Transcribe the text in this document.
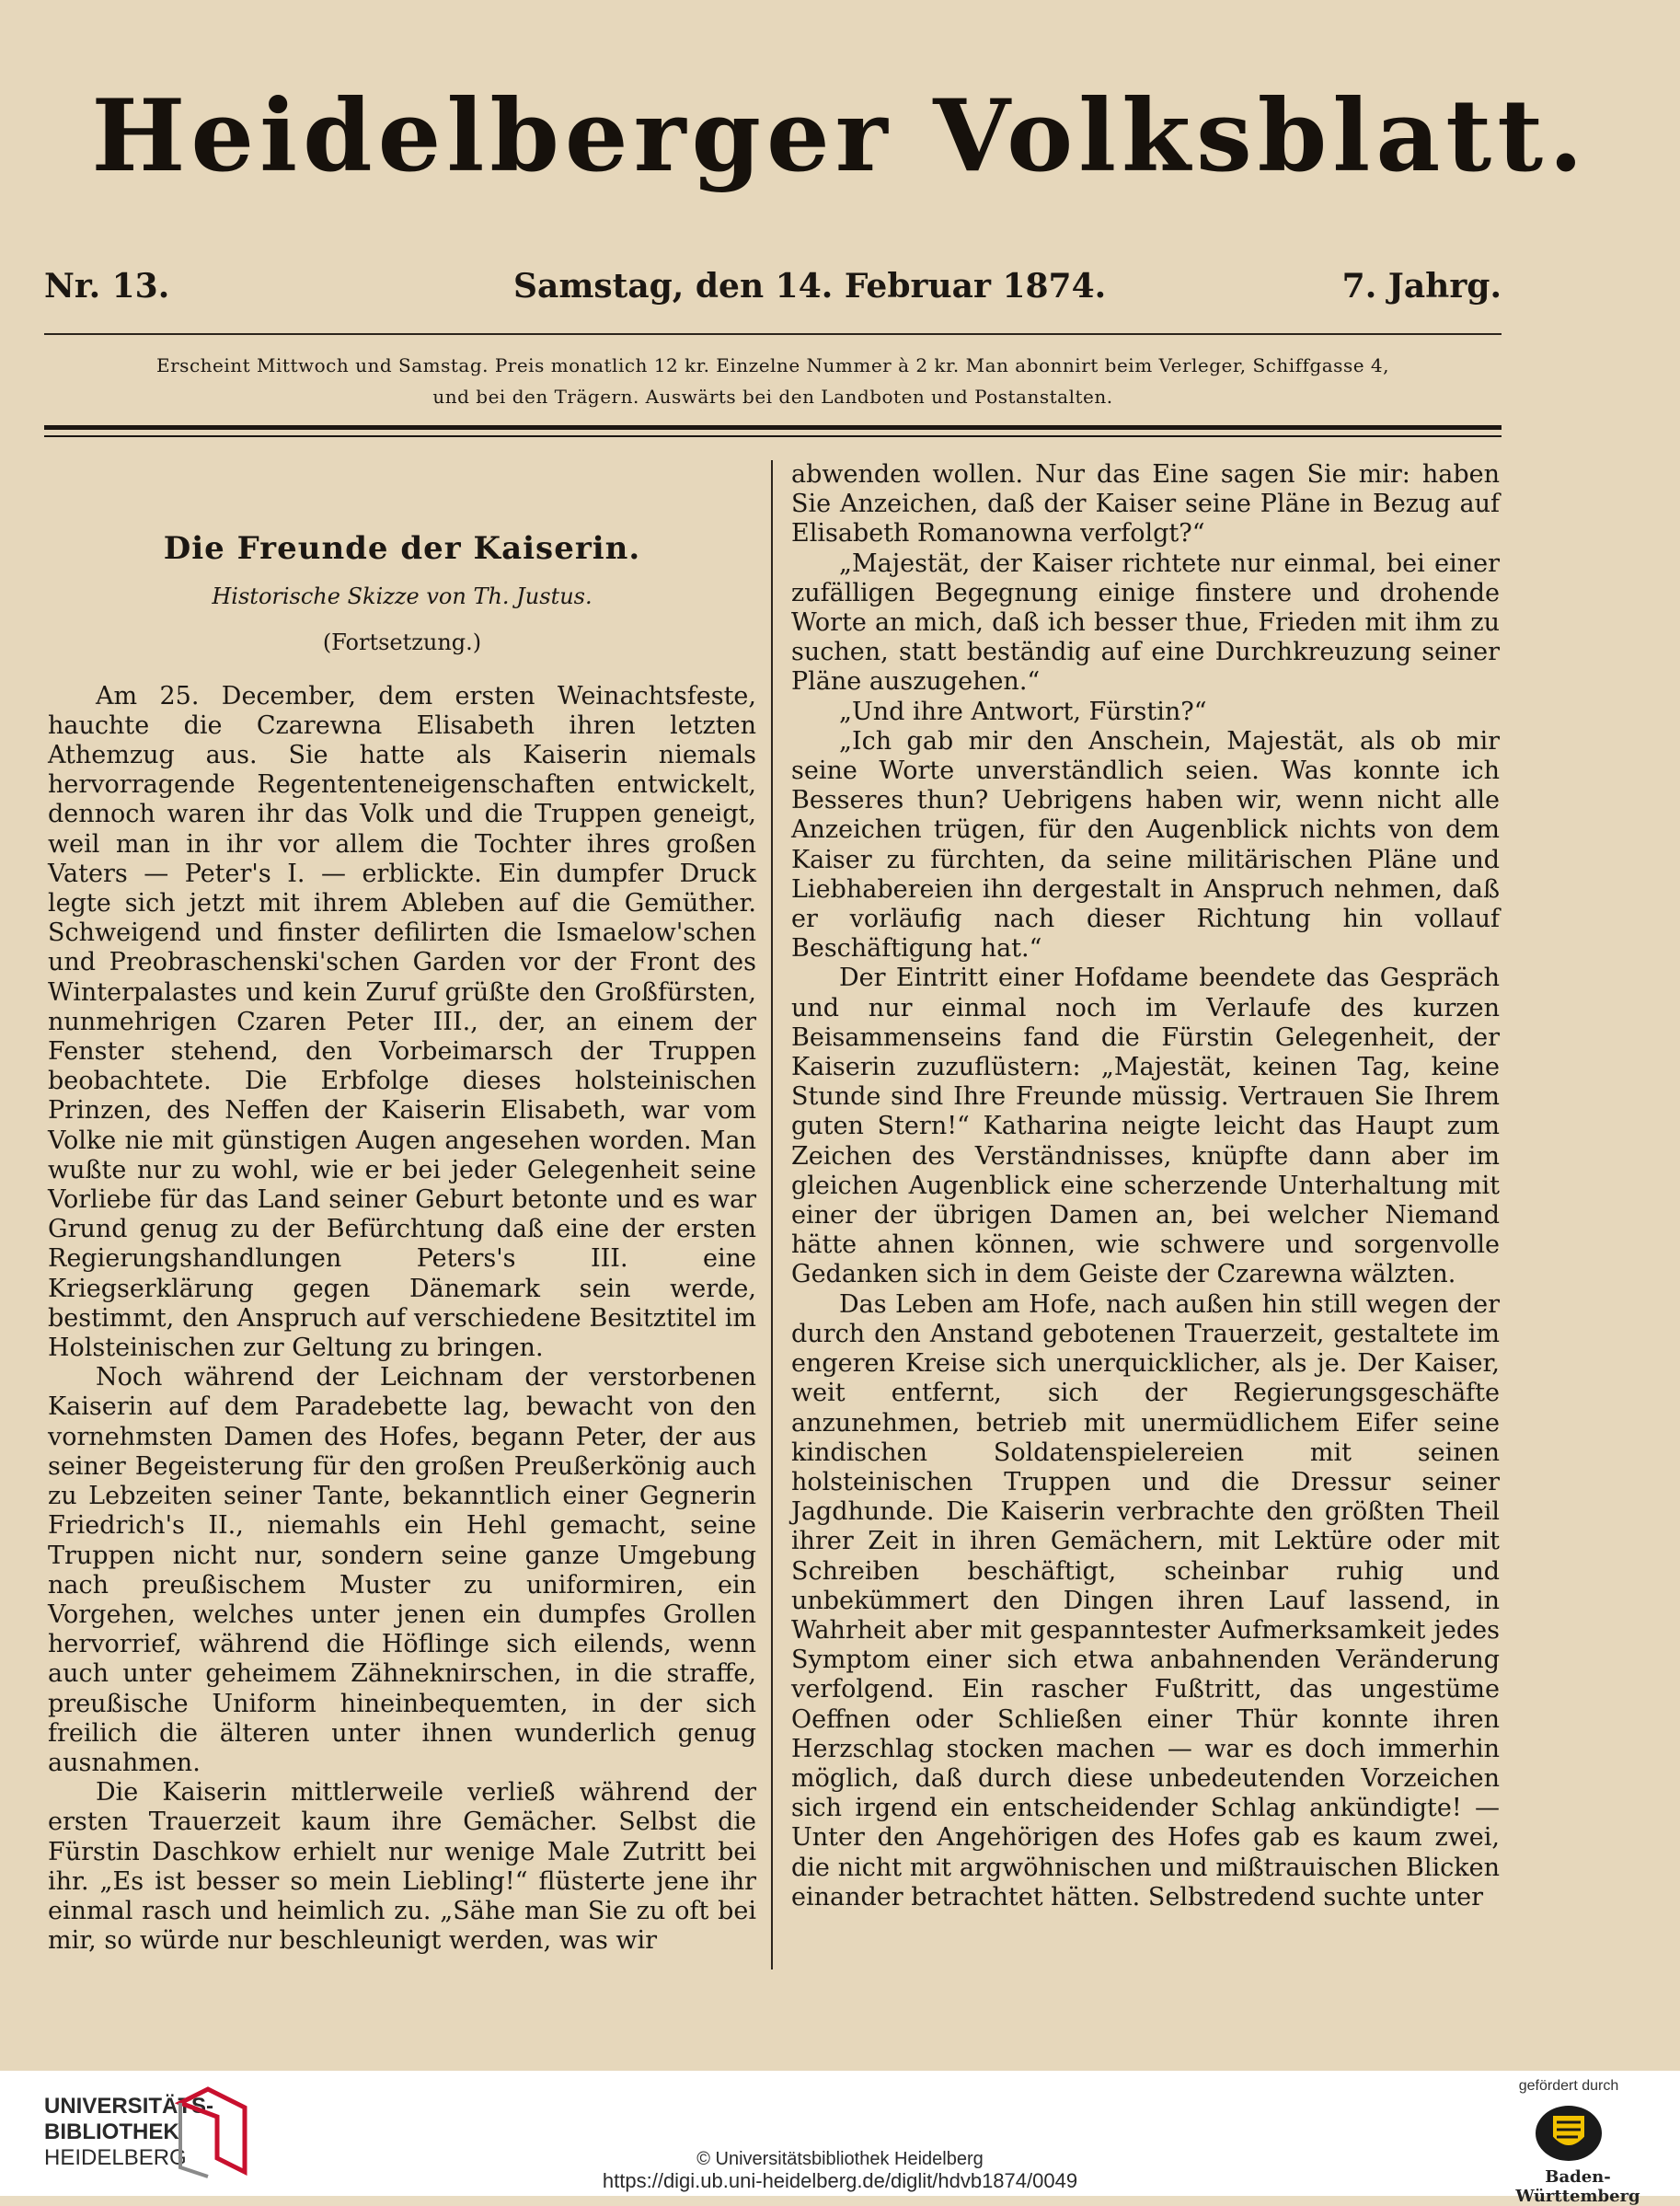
Heidelberger Volksblatt.
Nr. 13.	Samstag, den 14. Februar 1874.	7. Jahrg.
Erscheint Mittwoch und Samstag. Preis monatlich 12 kr. Einzelne Nummer à 2 kr. Man abonnirt beim Verleger, Schiffgasse 4,
und bei den Trägern. Auswärts bei den Landboten und Postanstalten.
Die Freunde der Kaiserin.
Historische Skizze von Th. Justus.
(Fortsetzung.)

Am 25. December, dem ersten Weinachtsfeste, hauchte die Czarewna Elisabeth ihren letzten Athemzug aus. Sie hatte als Kaiserin niemals hervorragende Regententeneigenschaften entwickelt, dennoch waren ihr das Volk und die Truppen geneigt, weil man in ihr vor allem die Tochter ihres großen Vaters — Peter's I. — erblickte. Ein dumpfer Druck legte sich jetzt mit ihrem Ableben auf die Gemüther. Schweigend und finster defilirten die Ismaelow'schen und Preobraschenski'schen Garden vor der Front des Winterpalastes und kein Zuruf grüßte den Großfürsten, nunmehrigen Czaren Peter III., der, an einem der Fenster stehend, den Vorbeimarsch der Truppen beobachtete. Die Erbfolge dieses holsteinischen Prinzen, des Neffen der Kaiserin Elisabeth, war vom Volke nie mit günstigen Augen angesehen worden. Man wußte nur zu wohl, wie er bei jeder Gelegenheit seine Vorliebe für das Land seiner Geburt betonte und es war Grund genug zu der Befürchtung daß eine der ersten Regierungshandlungen Peters's III. eine Kriegserklärung gegen Dänemark sein werde, bestimmt, den Anspruch auf verschiedene Besitztitel im Holsteinischen zur Geltung zu bringen.

Noch während der Leichnam der verstorbenen Kaiserin auf dem Paradebette lag, bewacht von den vornehmsten Damen des Hofes, begann Peter, der aus seiner Begeisterung für den großen Preußerkönig auch zu Lebzeiten seiner Tante, bekanntlich einer Gegnerin Friedrich's II., niemahls ein Hehl gemacht, seine Truppen nicht nur, sondern seine ganze Umgebung nach preußischem Muster zu uniformiren, ein Vorgehen, welches unter jenen ein dumpfes Grollen hervorrief, während die Höflinge sich eilends, wenn auch unter geheimem Zähneknirschen, in die straffe, preußische Uniform hineinbequemten, in der sich freilich die älteren unter ihnen wunderlich genug ausnahmen.

Die Kaiserin mittlerweile verließ während der ersten Trauerzeit kaum ihre Gemächer. Selbst die Fürstin Daschkow erhielt nur wenige Male Zutritt bei ihr. „Es ist besser so mein Liebling!“ flüsterte jene ihr einmal rasch und heimlich zu. „Sähe man Sie zu oft bei mir, so würde nur beschleunigt werden, was wir

abwenden wollen. Nur das Eine sagen Sie mir: haben Sie Anzeichen, daß der Kaiser seine Pläne in Bezug auf Elisabeth Romanowna verfolgt?“

„Majestät, der Kaiser richtete nur einmal, bei einer zufälligen Begegnung einige finstere und drohende Worte an mich, daß ich besser thue, Frieden mit ihm zu suchen, statt beständig auf eine Durchkreuzung seiner Pläne auszugehen.“

„Und ihre Antwort, Fürstin?“

„Ich gab mir den Anschein, Majestät, als ob mir seine Worte unverständlich seien. Was konnte ich Besseres thun? Uebrigens haben wir, wenn nicht alle Anzeichen trügen, für den Augenblick nichts von dem Kaiser zu fürchten, da seine militärischen Pläne und Liebhabereien ihn dergestalt in Anspruch nehmen, daß er vorläufig nach dieser Richtung hin vollauf Beschäftigung hat.“

Der Eintritt einer Hofdame beendete das Gespräch und nur einmal noch im Verlaufe des kurzen Beisammenseins fand die Fürstin Gelegenheit, der Kaiserin zuzuflüstern: „Majestät, keinen Tag, keine Stunde sind Ihre Freunde müssig. Vertrauen Sie Ihrem guten Stern!“ Katharina neigte leicht das Haupt zum Zeichen des Verständnisses, knüpfte dann aber im gleichen Augenblick eine scherzende Unterhaltung mit einer der übrigen Damen an, bei welcher Niemand hätte ahnen können, wie schwere und sorgenvolle Gedanken sich in dem Geiste der Czarewna wälzten.

Das Leben am Hofe, nach außen hin still wegen der durch den Anstand gebotenen Trauerzeit, gestaltete im engeren Kreise sich unerquicklicher, als je. Der Kaiser, weit entfernt, sich der Regierungsgeschäfte anzunehmen, betrieb mit unermüdlichem Eifer seine kindischen Soldatenspielereien mit seinen holsteinischen Truppen und die Dressur seiner Jagdhunde. Die Kaiserin verbrachte den größten Theil ihrer Zeit in ihren Gemächern, mit Lektüre oder mit Schreiben beschäftigt, scheinbar ruhig und unbekümmert den Dingen ihren Lauf lassend, in Wahrheit aber mit gespanntester Aufmerksamkeit jedes Symptom einer sich etwa anbahnenden Veränderung verfolgend. Ein rascher Fußtritt, das ungestüme Oeffnen oder Schließen einer Thür konnte ihren Herzschlag stocken machen — war es doch immerhin möglich, daß durch diese unbedeutenden Vorzeichen sich irgend ein entscheidender Schlag ankündigte! — Unter den Angehörigen des Hofes gab es kaum zwei, die nicht mit argwöhnischen und mißtrauischen Blicken einander betrachtet hätten. Selbstredend suchte unter

UNIVERSITÄTS-
BIBLIOTHEK
HEIDELBERG	© Universitätsbibliothek Heidelberg
https://digi.ub.uni-heidelberg.de/diglit/hdvb1874/0049
gefördert durch
Baden-Württemberg
